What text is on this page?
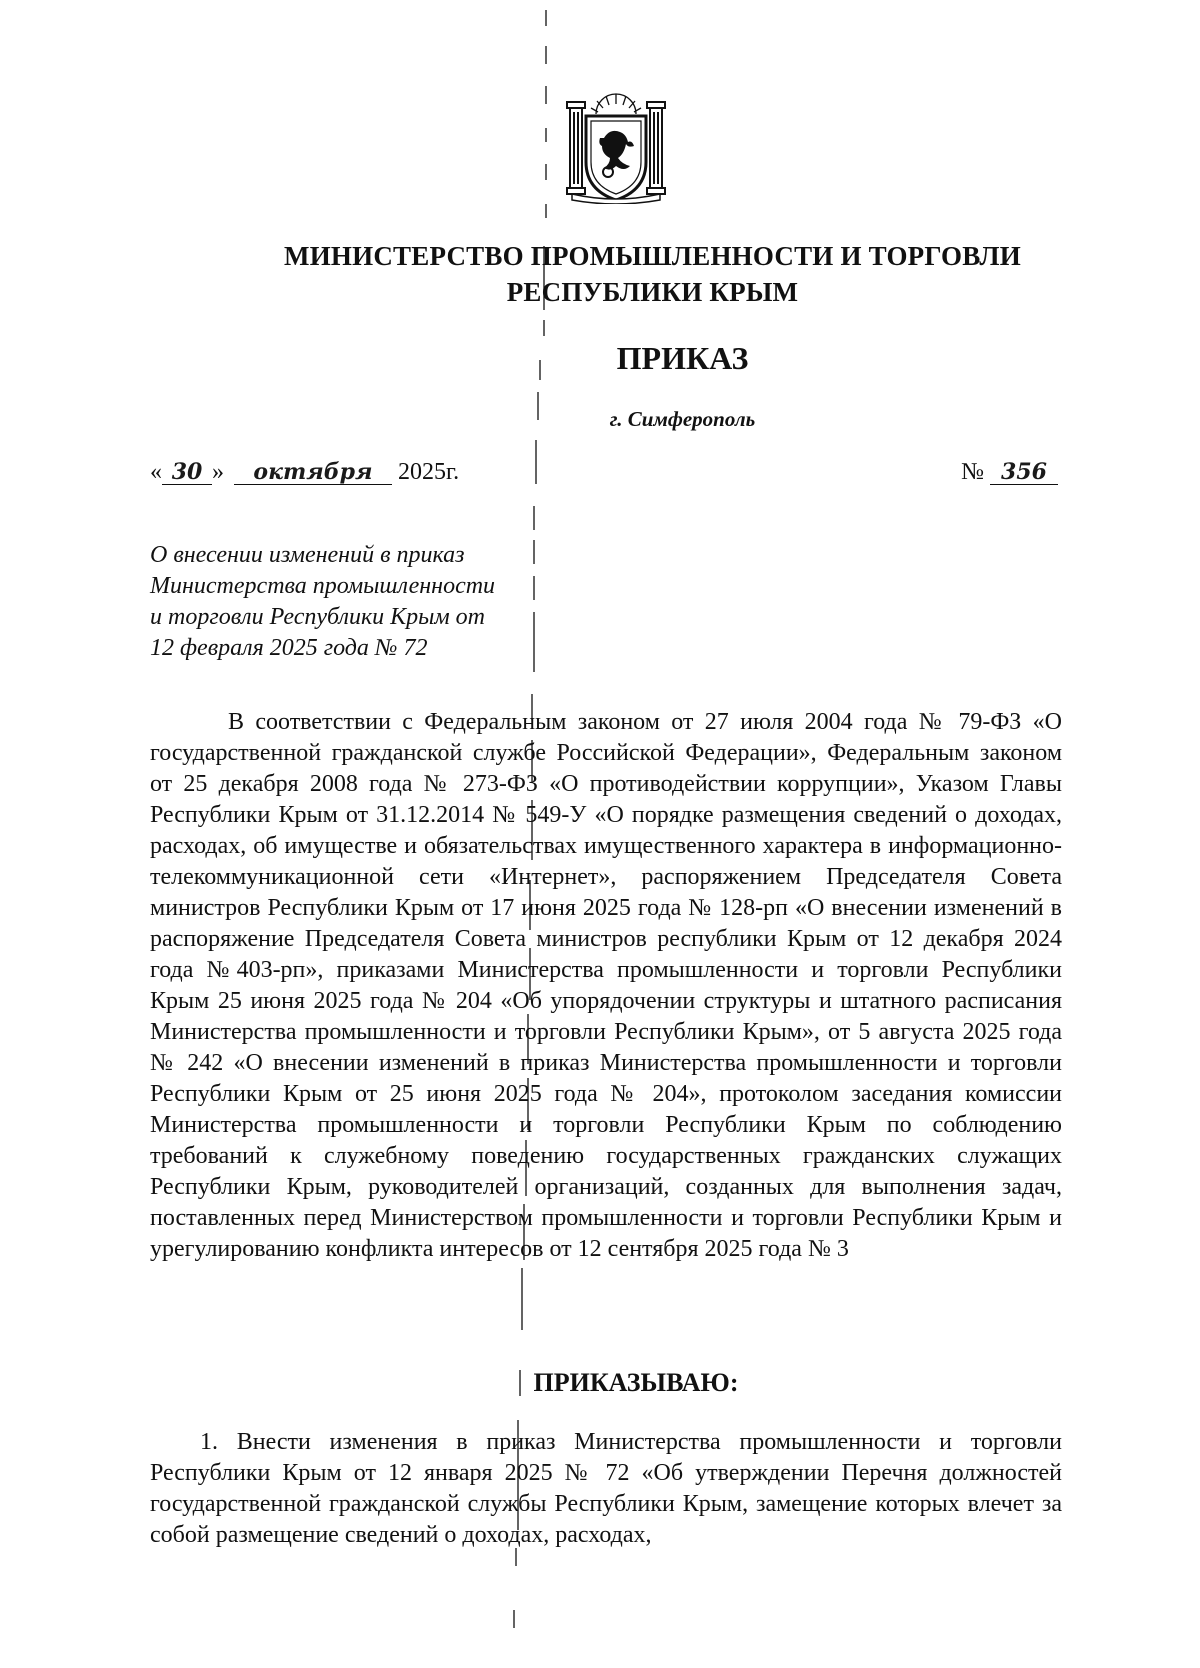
МИНИСТЕРСТВО ПРОМЫШЛЕННОСТИ И ТОРГОВЛИ
РЕСПУБЛИКИ КРЫМ
ПРИКАЗ
г. Симферополь
« 30 » октября 2025г.	№ 356
О внесении изменений в приказ
Министерства промышленности
и торговли Республики Крым от
12 февраля 2025 года № 72
В соответствии с Федеральным законом от 27 июля 2004 года № 79-ФЗ «О государственной гражданской службе Российской Федерации», Федеральным законом от 25 декабря 2008 года № 273-ФЗ «О противодействии коррупции», Указом Главы Республики Крым от 31.12.2014 № 549-У «О порядке размещения сведений о доходах, расходах, об имуществе и обязательствах имущественного характера в информационно-телекоммуникационной сети «Интернет», распоряжением Председателя Совета министров Республики Крым от 17 июня 2025 года № 128-рп «О внесении изменений в распоряжение Председателя Совета министров республики Крым от 12 декабря 2024 года №403-рп», приказами Министерства промышленности и торговли Республики Крым 25 июня 2025 года № 204 «Об упорядочении структуры и штатного расписания Министерства промышленности и торговли Республики Крым», от 5 августа 2025 года № 242 «О внесении изменений в приказ Министерства промышленности и торговли Республики Крым от 25 июня 2025 года № 204», протоколом заседания комиссии Министерства промышленности и торговли Республики Крым по соблюдению требований к служебному поведению государственных гражданских служащих Республики Крым, руководителей организаций, созданных для выполнения задач, поставленных перед Министерством промышленности и торговли Республики Крым и урегулированию конфликта интересов от 12 сентября 2025 года № 3
ПРИКАЗЫВАЮ:
1. Внести изменения в приказ Министерства промышленности и торговли Республики Крым от 12 января 2025 № 72 «Об утверждении Перечня должностей государственной гражданской службы Республики Крым, замещение которых влечет за собой размещение сведений о доходах, расходах,
